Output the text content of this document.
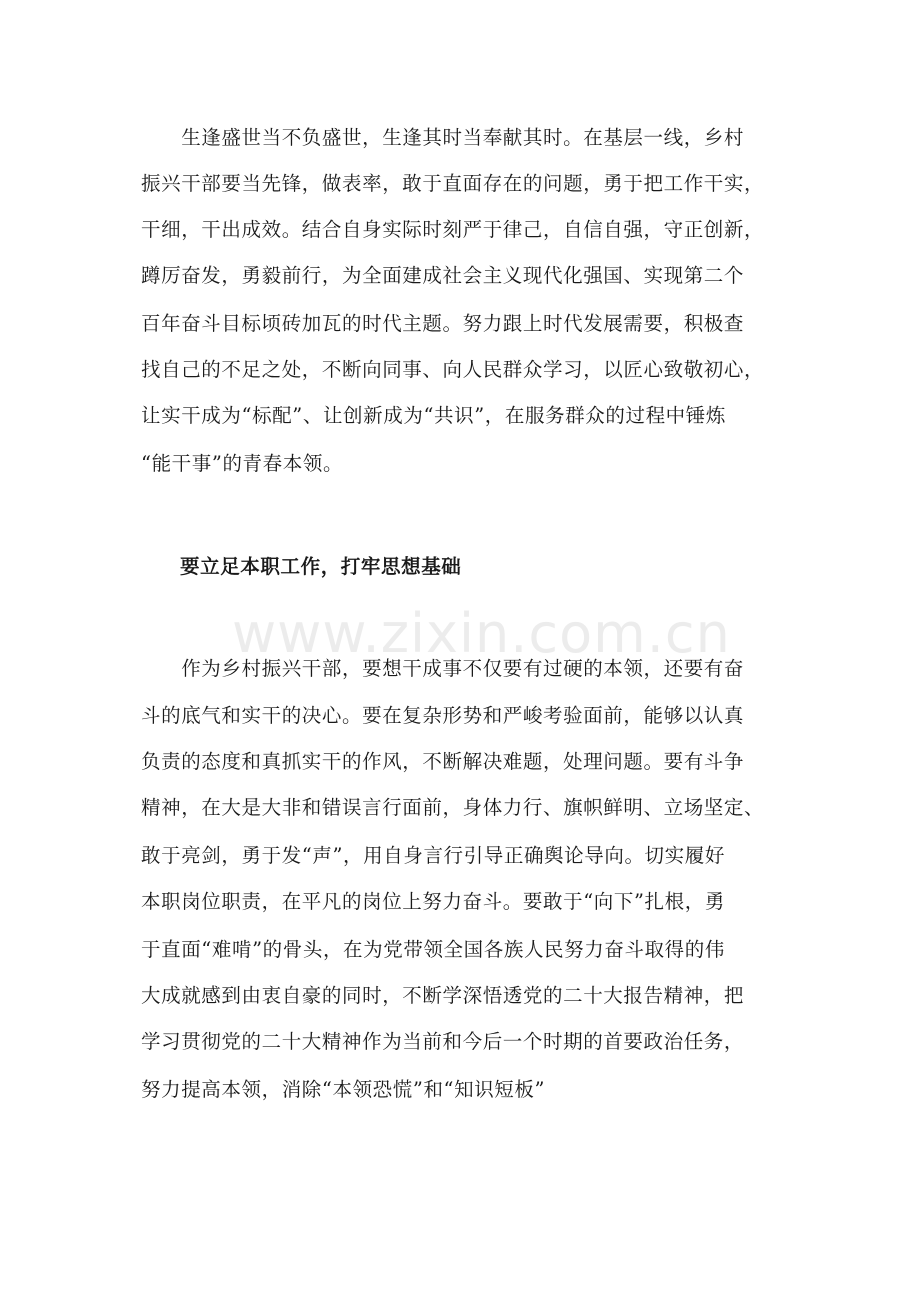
　　生逢盛世当不负盛世，生逢其时当奉献其时。在基层一线，乡村
振兴干部要当先锋，做表率，敢于直面存在的问题，勇于把工作干实，
干细，干出成效。结合自身实际时刻严于律己，自信自强，守正创新，
蹲厉奋发，勇毅前行，为全面建成社会主义现代化强国、实现第二个
百年奋斗目标顷砖加瓦的时代主题。努力跟上时代发展需要，积极查
找自己的不足之处，不断向同事、向人民群众学习，以匠心致敬初心，
让实干成为“标配”、让创新成为“共识”，在服务群众的过程中锤炼
“能干事”的青春本领。
要立足本职工作，打牢思想基础
www.zixin.com.cn
　　作为乡村振兴干部，要想干成事不仅要有过硬的本领，还要有奋
斗的底气和实干的决心。要在复杂形势和严峻考验面前，能够以认真
负责的态度和真抓实干的作风，不断解决难题，处理问题。要有斗争
精神，在大是大非和错误言行面前，身体力行、旗帜鲜明、立场坚定、
敢于亮剑，勇于发“声”，用自身言行引导正确舆论导向。切实履好
本职岗位职责，在平凡的岗位上努力奋斗。要敢于“向下”扎根，勇
于直面“难啃”的骨头，在为党带领全国各族人民努力奋斗取得的伟
大成就感到由衷自豪的同时，不断学深悟透党的二十大报告精神，把
学习贯彻党的二十大精神作为当前和今后一个时期的首要政治任务，
努力提高本领，消除“本领恐慌”和“知识短板”
